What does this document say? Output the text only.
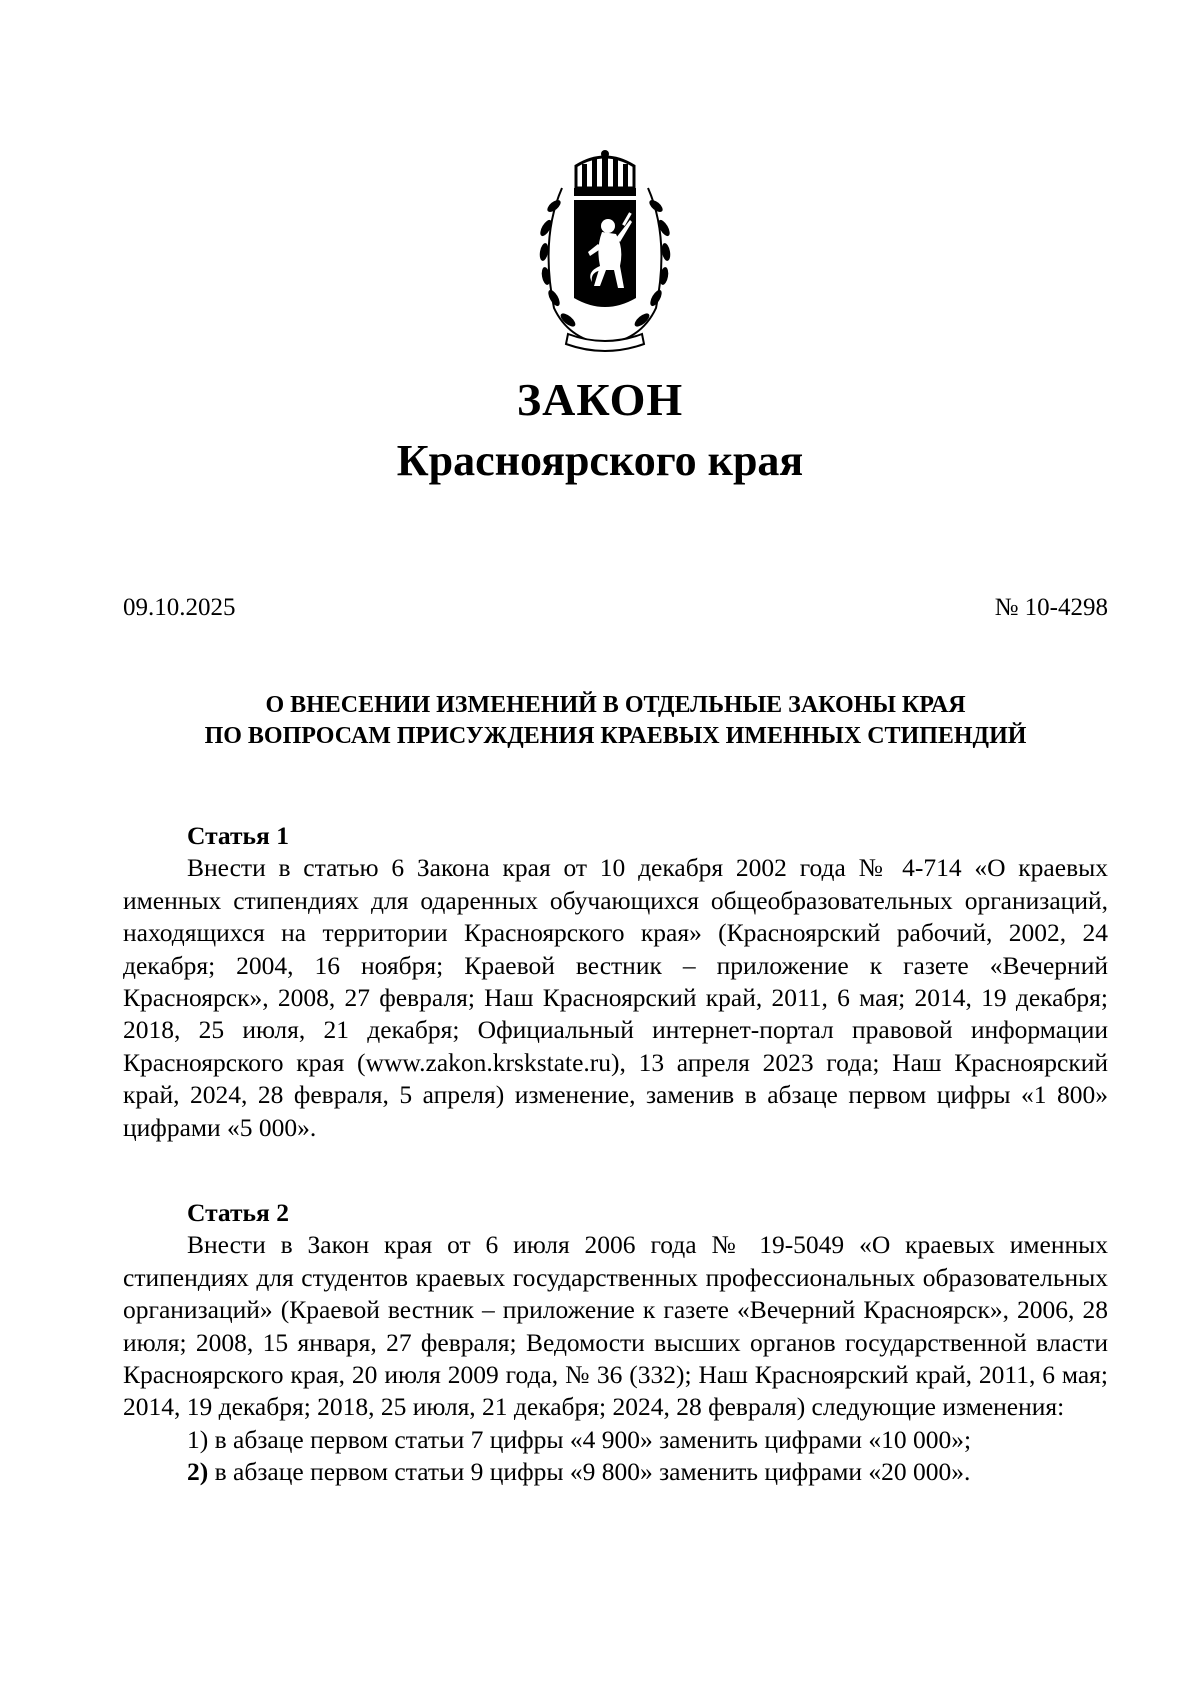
ЗАКОН
Красноярского края
09.10.2025	№ 10-4298
О ВНЕСЕНИИ ИЗМЕНЕНИЙ В ОТДЕЛЬНЫЕ ЗАКОНЫ КРАЯ
ПО ВОПРОСАМ ПРИСУЖДЕНИЯ КРАЕВЫХ ИМЕННЫХ СТИПЕНДИЙ
Статья 1

Внести в статью 6 Закона края от 10 декабря 2002 года № 4-714 «О краевых именных стипендиях для одаренных обучающихся общеобразовательных организаций, находящихся на территории Красноярского края» (Красноярский рабочий, 2002, 24 декабря; 2004, 16 ноября; Краевой вестник – приложение к газете «Вечерний Красноярск», 2008, 27 февраля; Наш Красноярский край, 2011, 6 мая; 2014, 19 декабря; 2018, 25 июля, 21 декабря; Официальный интернет-портал правовой информации Красноярского края (www.zakon.krskstate.ru), 13 апреля 2023 года; Наш Красноярский край, 2024, 28 февраля, 5 апреля) изменение, заменив в абзаце первом цифры «1 800» цифрами «5 000».

Статья 2

Внести в Закон края от 6 июля 2006 года № 19-5049 «О краевых именных стипендиях для студентов краевых государственных профессиональных образовательных организаций» (Краевой вестник – приложение к газете «Вечерний Красноярск», 2006, 28 июля; 2008, 15 января, 27 февраля; Ведомости высших органов государственной власти Красноярского края, 20 июля 2009 года, № 36 (332); Наш Красноярский край, 2011, 6 мая; 2014, 19 декабря; 2018, 25 июля, 21 декабря; 2024, 28 февраля) следующие изменения:

1) в абзаце первом статьи 7 цифры «4 900» заменить цифрами «10 000»;

2) в абзаце первом статьи 9 цифры «9 800» заменить цифрами «20 000».
